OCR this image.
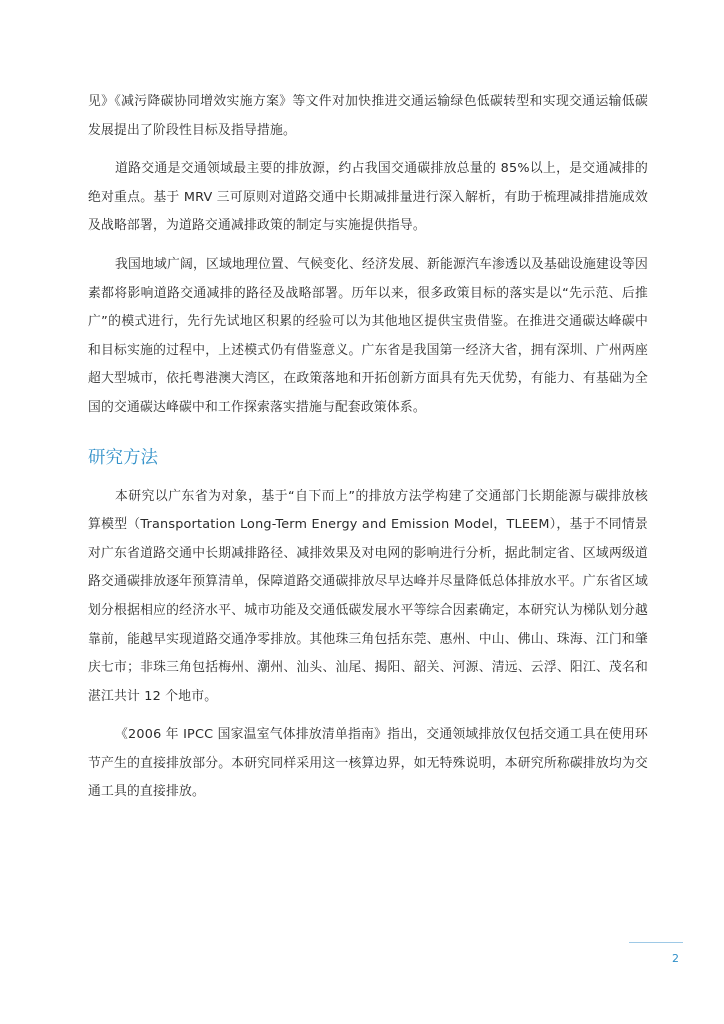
见》《减污降碳协同增效实施方案》等文件对加快推进交通运输绿色低碳转型和实现交通运输低碳发展提出了阶段性目标及指导措施。

道路交通是交通领域最主要的排放源，约占我国交通碳排放总量的 85%以上，是交通减排的绝对重点。基于 MRV 三可原则对道路交通中长期减排量进行深入解析，有助于梳理减排措施成效及战略部署，为道路交通减排政策的制定与实施提供指导。

我国地域广阔，区域地理位置、气候变化、经济发展、新能源汽车渗透以及基础设施建设等因素都将影响道路交通减排的路径及战略部署。历年以来，很多政策目标的落实是以“先示范、后推广”的模式进行，先行先试地区积累的经验可以为其他地区提供宝贵借鉴。在推进交通碳达峰碳中和目标实施的过程中，上述模式仍有借鉴意义。广东省是我国第一经济大省，拥有深圳、广州两座超大型城市，依托粤港澳大湾区，在政策落地和开拓创新方面具有先天优势，有能力、有基础为全国的交通碳达峰碳中和工作探索落实措施与配套政策体系。

研究方法

本研究以广东省为对象，基于“自下而上”的排放方法学构建了交通部门长期能源与碳排放核算模型（Transportation Long-Term Energy and Emission Model，TLEEM），基于不同情景对广东省道路交通中长期减排路径、减排效果及对电网的影响进行分析，据此制定省、区域两级道路交通碳排放逐年预算清单，保障道路交通碳排放尽早达峰并尽量降低总体排放水平。广东省区域划分根据相应的经济水平、城市功能及交通低碳发展水平等综合因素确定，本研究认为梯队划分越靠前，能越早实现道路交通净零排放。其他珠三角包括东莞、惠州、中山、佛山、珠海、江门和肇庆七市；非珠三角包括梅州、潮州、汕头、汕尾、揭阳、韶关、河源、清远、云浮、阳江、茂名和湛江共计 12 个地市。

《2006 年 IPCC 国家温室气体排放清单指南》指出，交通领域排放仅包括交通工具在使用环节产生的直接排放部分。本研究同样采用这一核算边界，如无特殊说明，本研究所称碳排放均为交通工具的直接排放。

2
